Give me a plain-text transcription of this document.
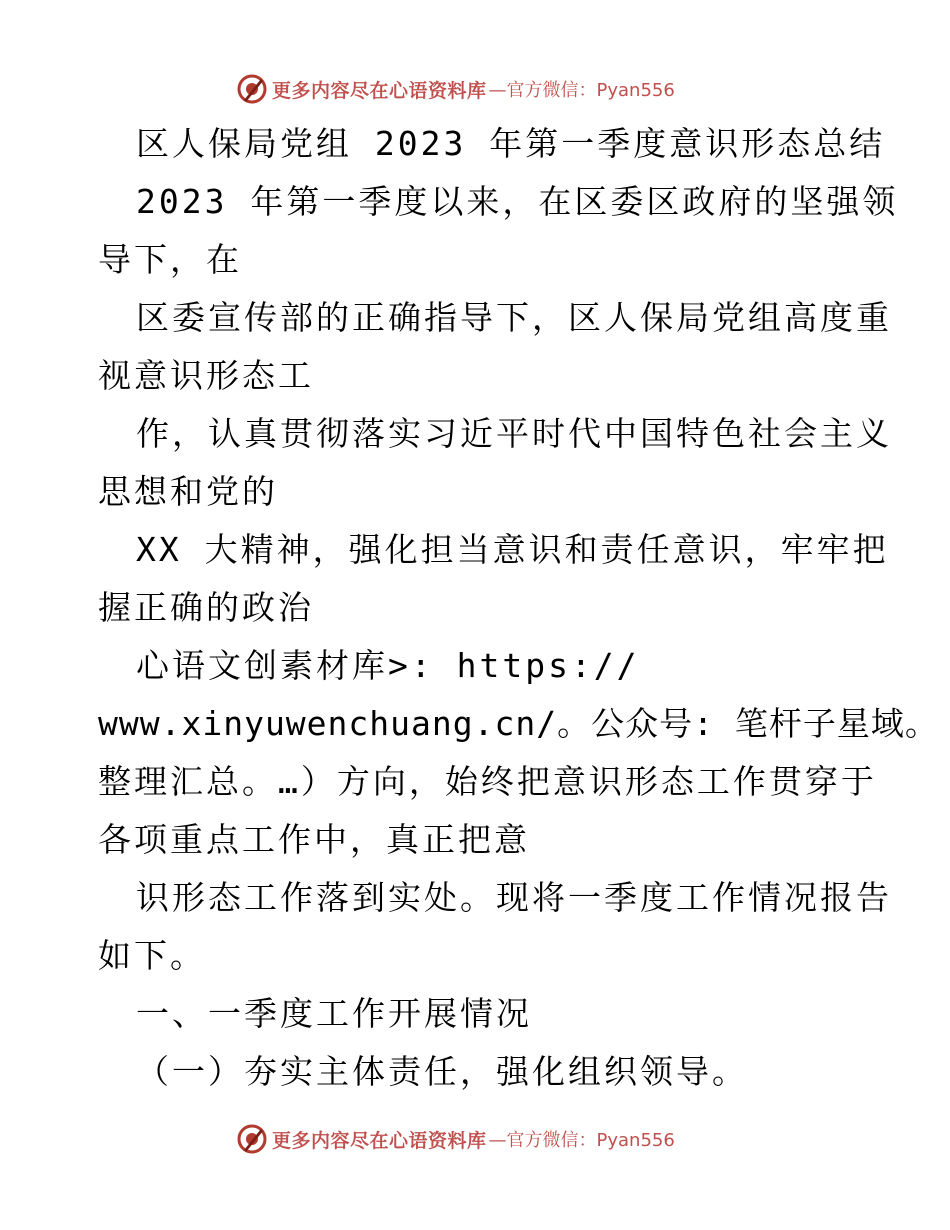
更多内容尽在心语资料库 —官方微信：Pyan556
区人保局党组 2023 年第一季度意识形态总结
2023 年第一季度以来，在区委区政府的坚强领
导下，在
区委宣传部的正确指导下，区人保局党组高度重
视意识形态工
作，认真贯彻落实习近平时代中国特色社会主义
思想和党的
XX 大精神，强化担当意识和责任意识，牢牢把
握正确的政治
心语文创素材库>: https://
www.xinyuwenchuang.cn/。公众号: 笔杆子星域。
整理汇总。…）方向，始终把意识形态工作贯穿于
各项重点工作中，真正把意
识形态工作落到实处。现将一季度工作情况报告
如下。
一、一季度工作开展情况
（一）夯实主体责任，强化组织领导。
更多内容尽在心语资料库 —官方微信：Pyan556
